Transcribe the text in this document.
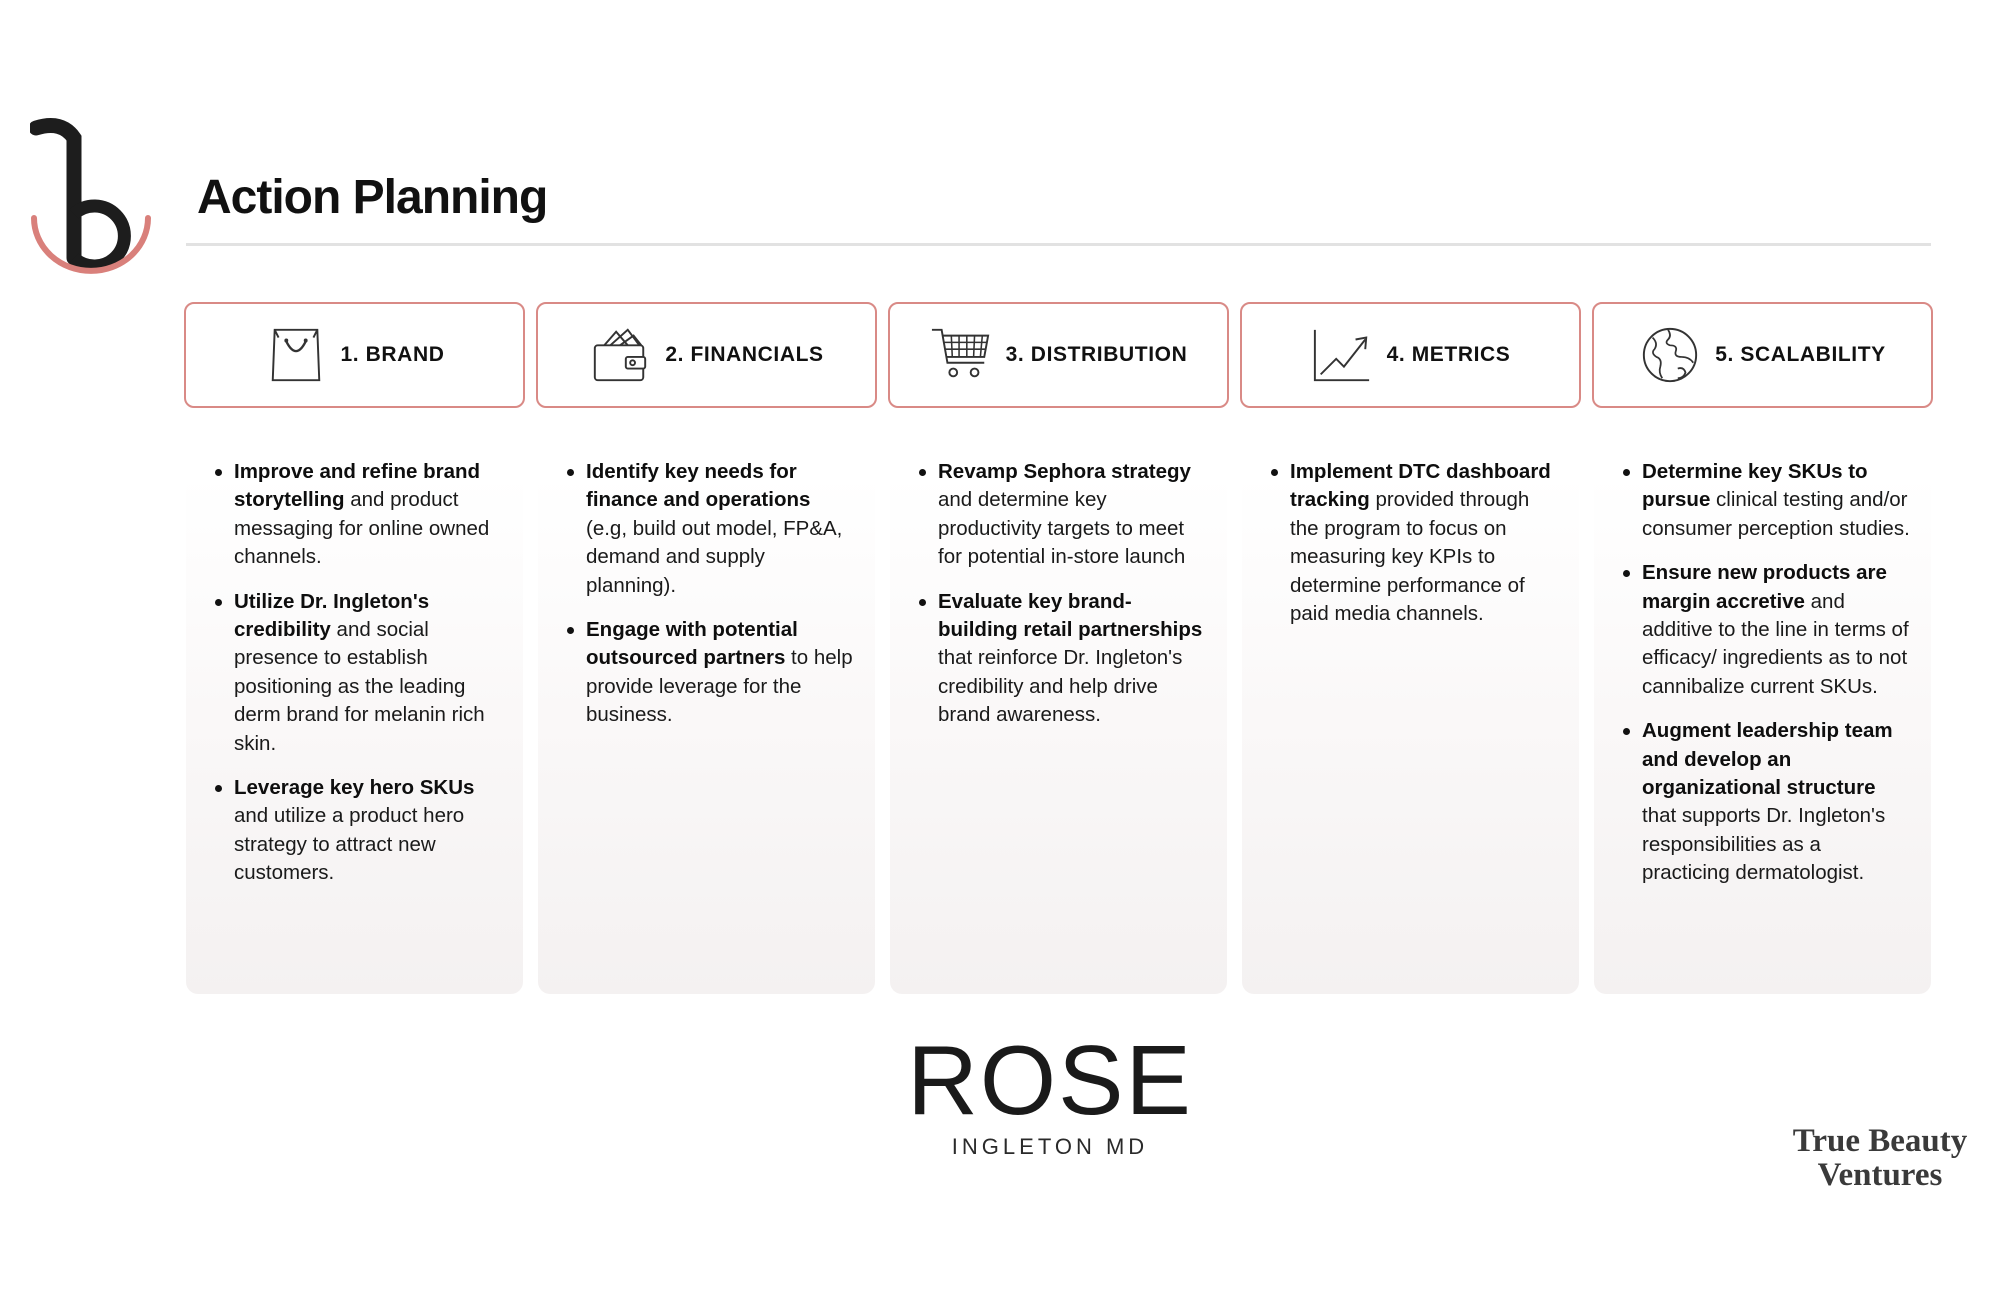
Action Planning
1. BRAND
Improve and refine brand storytelling and product messaging for online owned channels.
Utilize Dr. Ingleton's credibility and social presence to establish positioning as the leading derm brand for melanin rich skin.
Leverage key hero SKUs and utilize a product hero strategy to attract new customers.
2. FINANCIALS
Identify key needs for finance and operations (e.g, build out model, FP&A, demand and supply planning).
Engage with potential outsourced partners to help provide leverage for the business.
3. DISTRIBUTION
Revamp Sephora strategy and determine key productivity targets to meet for potential in-store launch
Evaluate key brand-building retail partnerships that reinforce Dr. Ingleton's credibility and help drive brand awareness.
4. METRICS
Implement DTC dashboard tracking provided through the program to focus on measuring key KPIs to determine performance of paid media channels.
5. SCALABILITY
Determine key SKUs to pursue clinical testing and/or consumer perception studies.
Ensure new products are margin accretive and additive to the line in terms of efficacy/ ingredients as to not cannibalize current SKUs.
Augment leadership team and develop an organizational structure that supports Dr. Ingleton's responsibilities as a practicing dermatologist.
ROSE
INGLETON MD	True Beauty
Ventures
